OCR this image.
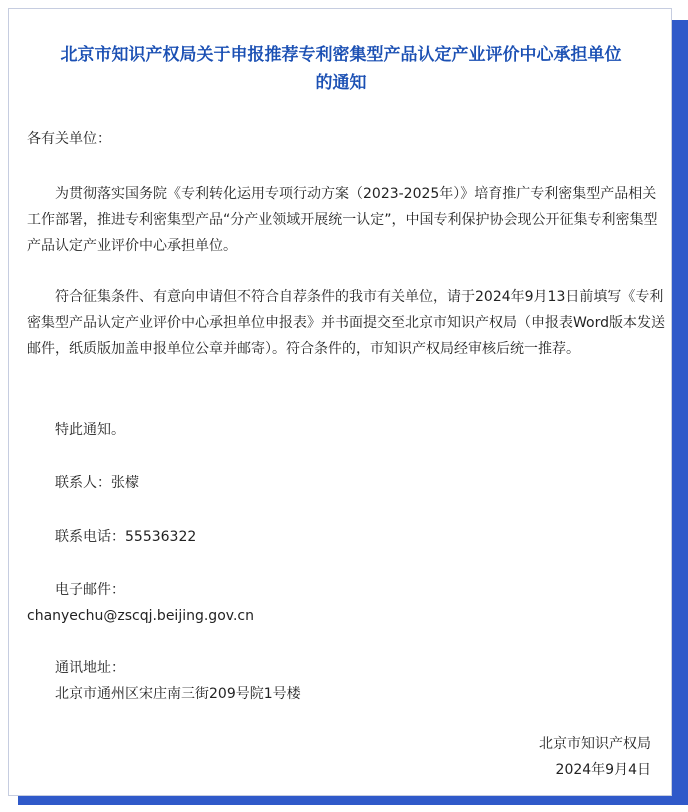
北京市知识产权局关于申报推荐专利密集型产品认定产业评价中心承担单位
的通知
各有关单位：
为贯彻落实国务院《专利转化运用专项行动方案（2023-2025年）》培育推广专利密集型产品相关工作部署，推进专利密集型产品“分产业领域开展统一认定”，中国专利保护协会现公开征集专利密集型产品认定产业评价中心承担单位。
符合征集条件、有意向申请但不符合自荐条件的我市有关单位，请于2024年9月13日前填写《专利密集型产品认定产业评价中心承担单位申报表》并书面提交至北京市知识产权局（申报表Word版本发送邮件，纸质版加盖申报单位公章并邮寄）。符合条件的，市知识产权局经审核后统一推荐。
特此通知。
联系人：张檬
联系电话：55536322
电子邮件：
chanyechu@zscqj.beijing.gov.cn
通讯地址：
北京市通州区宋庄南三街209号院1号楼
北京市知识产权局
2024年9月4日
